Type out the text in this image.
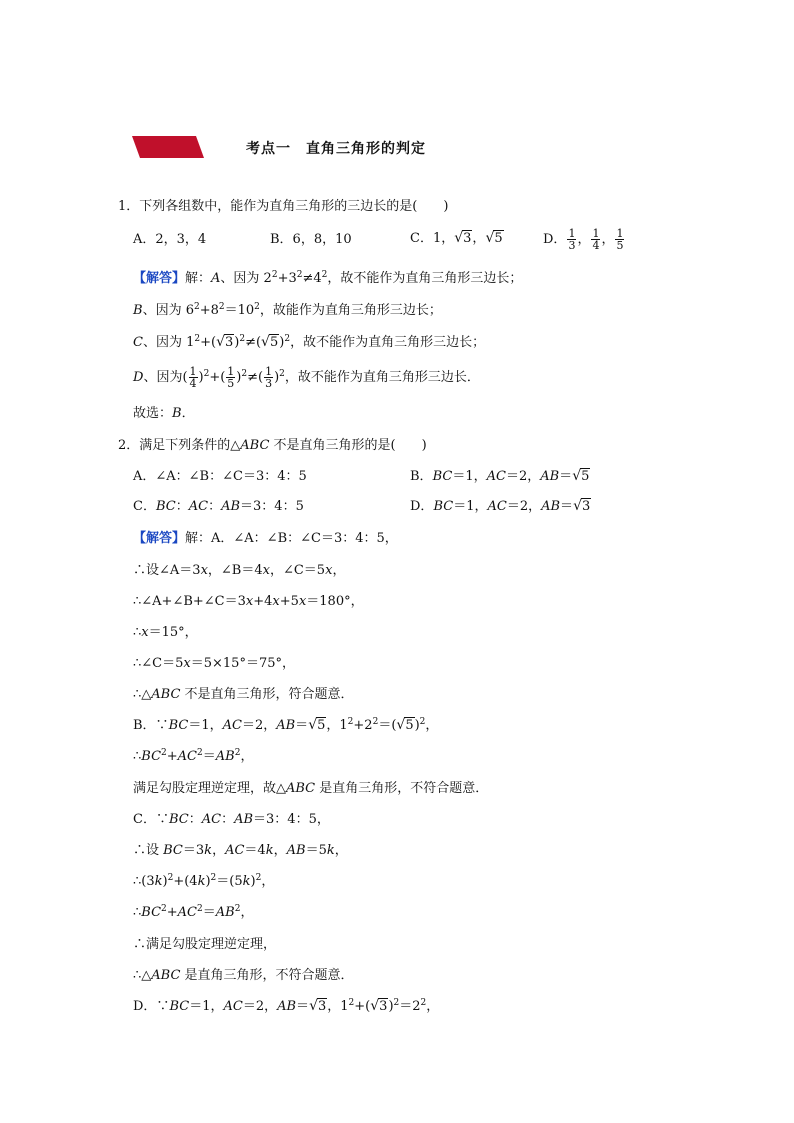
考点一　直角三角形的判定
1．下列各组数中，能作为直角三角形的三边长的是(　　)
A．2，3，4	B．6，8，10	C．1，√3，√5	D． $\frac{1}{3}$ ， $\frac{1}{4}$ ， $\frac{1}{5}$
【解答】解：A、因为 $2^2+3^2\ne 4^2$，故不能作为直角三角形三边长；
B、因为 $6^2+8^2=10^2$，故能作为直角三角形三边长；
C、因为 $1^2+(√3)^2\ne(√5)^2$，故不能作为直角三角形三边长；
D、因为( $\frac{1}{4} )^2+( \frac{1}{5} )^2\ne( \frac{1}{3} )^2$，故不能作为直角三角形三边长．
故选：B．
2．满足下列条件的△ABC 不是直角三角形的是(　　)
A．∠A：∠B：∠C＝3：4：5	B．BC＝1，AC＝2，AB＝√5
C．BC：AC：AB＝3：4：5	D．BC＝1，AC＝2，AB＝√3
【解答】解：A．∠A：∠B：∠C＝3：4：5，
∴设∠A＝3x，∠B＝4x，∠C＝5x，
∴∠A+∠B+∠C＝3x+4x+5x＝180°，
∴x＝15°，
∴∠C＝5x＝5×15°＝75°，
∴△ABC 不是直角三角形，符合题意．
B．∵BC＝1，AC＝2，AB＝√5，$1^2+2^2=(√5)^2$，
$\therefore BC^2+AC^2=AB^2$，
满足勾股定理逆定理，故△ABC 是直角三角形，不符合题意．
C．∵BC：AC：AB＝3：4：5，
∴设 BC＝3k，AC＝4k，AB＝5k，
$\therefore(3k)^2+(4k)^2=(5k)^2$，
$\therefore BC^2+AC^2=AB^2$，
∴满足勾股定理逆定理，
∴△ABC 是直角三角形，不符合题意．
D．∵BC＝1，AC＝2，AB＝√3，$1^2+(√3)^2=2^2$，
